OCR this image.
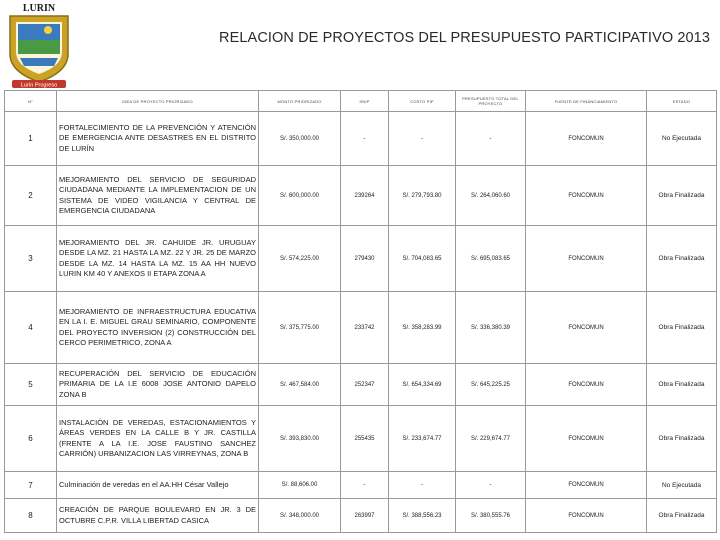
LURIN
Lurín Progreso
RELACION DE PROYECTOS DEL PRESUPUESTO PARTICIPATIVO 2013
N°	IDEA DE PROYECTO PRIORIZADO	MONTO PRIORIZADO	SNIP	COSTO PIP	PRESUPUESTO TOTAL DEL PROYECTO	FUENTE DE FINANCIAMIENTO	ESTADO
1	FORTALECIMIENTO DE LA PREVENCIÓN Y ATENCIÓN DE EMERGENCIA ANTE DESASTRES EN EL DISTRITO DE LURÍN	S/. 350,000.00	-	-	-	FONCOMUN	No Ejecutada
2	MEJORAMIENTO DEL SERVICIO DE SEGURIDAD CIUDADANA MEDIANTE LA IMPLEMENTACION DE UN SISTEMA DE VIDEO VIGILANCIA Y CENTRAL DE EMERGENCIA CIUDADANA	S/. 600,000.00	239264	S/. 279,793.80	S/. 264,060.60	FONCOMUN	Obra Finalizada
3	MEJORAMIENTO DEL JR. CAHUIDE JR. URUGUAY DESDE LA MZ. 21 HASTA LA MZ. 22 Y JR. 25 DE MARZO DESDE LA MZ. 14 HASTA LA MZ. 15 AA HH NUEVO LURIN KM 40 Y ANEXOS II ETAPA ZONA A	S/. 574,225.00	279430	S/. 704,083.65	S/. 695,083.65	FONCOMUN	Obra Finalizada
4	MEJORAMIENTO DE INFRAESTRUCTURA EDUCATIVA EN LA I. E. MIGUEL GRAU SEMINARIO, COMPONENTE DEL PROYECTO INVERSION (2) CONSTRUCCIÓN DEL CERCO PERIMETRICO, ZONA A	S/. 375,775.00	233742	S/. 358,283.99	S/. 336,380.39	FONCOMUN	Obra Finalizada
5	RECUPERACIÓN DEL SERVICIO DE EDUCACIÓN PRIMARIA DE LA I.E 6008 JOSE ANTONIO DAPELO ZONA B	S/. 467,584.00	252347	S/. 654,334.69	S/. 645,225.25	FONCOMUN	Obra Finalizada
6	INSTALACIÓN DE VEREDAS, ESTACIONAMIENTOS Y ÁREAS VERDES EN LA CALLE B Y JR. CASTILLA (FRENTE A LA I.E. JOSE FAUSTINO SANCHEZ CARRIÓN) URBANIZACION LAS VIRREYNAS, ZONA B	S/. 393,830.00	255435	S/. 233,674.77	S/. 229,674.77	FONCOMUN	Obra Finalizada
7	Culminación de veredas en el AA.HH César Vallejo	S/. 88,606.00	-	-	-	FONCOMUN	No Ejecutada
8	CREACIÓN DE PARQUE BOULEVARD EN JR. 3 DE OCTUBRE C.P.R. VILLA LIBERTAD CASICA	S/. 348,000.00	263997	S/. 388,556.23	S/. 380,555.76	FONCOMUN	Obra Finalizada
